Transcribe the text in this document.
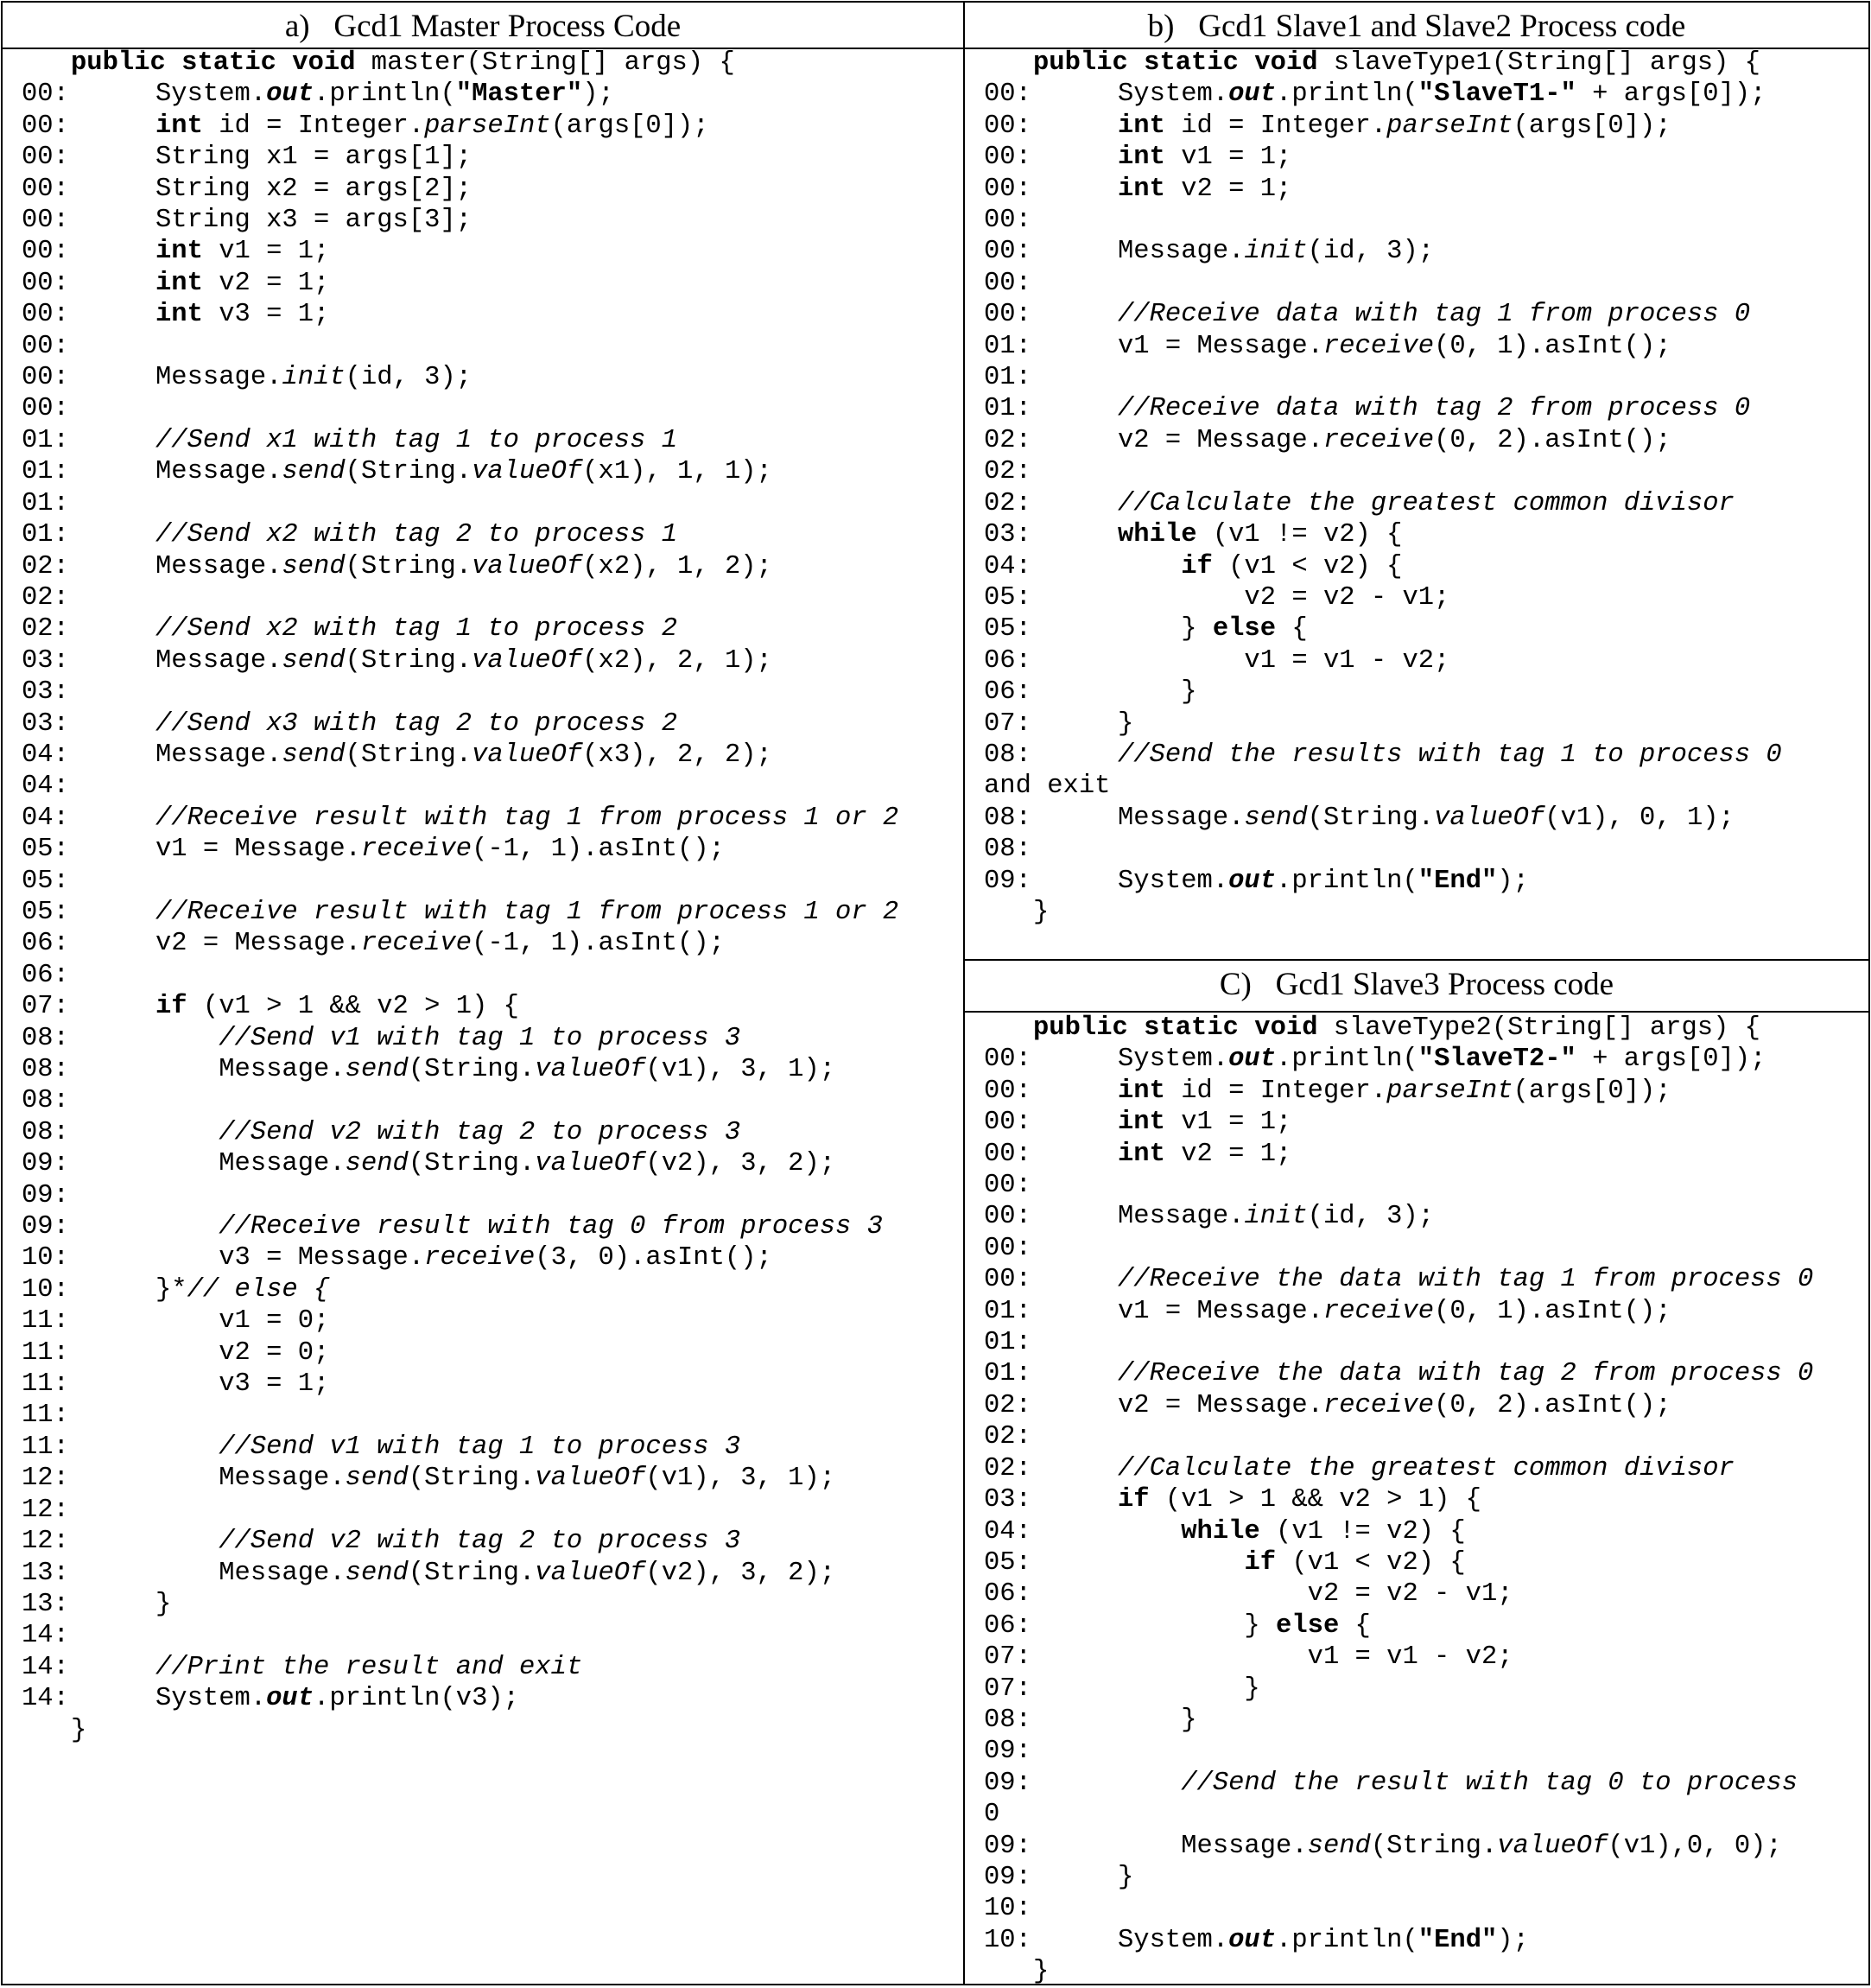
a)   Gcd1 Master Process Code	b)   Gcd1 Slave1 and Slave2 Process code
C)   Gcd1 Slave3 Process code
public static void master(String[] args) {
00:	System.out.println("Master");
00:	int id = Integer.parseInt(args[0]);
00:	String x1 = args[1];
00:	String x2 = args[2];
00:	String x3 = args[3];
00:	int v1 = 1;
00:	int v2 = 1;
00:	int v3 = 1;
00:
00:	Message.init(id, 3);
00:
01:	//Send x1 with tag 1 to process 1
01:	Message.send(String.valueOf(x1), 1, 1);
01:
01:	//Send x2 with tag 2 to process 1
02:	Message.send(String.valueOf(x2), 1, 2);
02:
02:	//Send x2 with tag 1 to process 2
03:	Message.send(String.valueOf(x2), 2, 1);
03:
03:	//Send x3 with tag 2 to process 2
04:	Message.send(String.valueOf(x3), 2, 2);
04:
04:	//Receive result with tag 1 from process 1 or 2
05:	v1 = Message.receive(-1, 1).asInt();
05:
05:	//Receive result with tag 1 from process 1 or 2
06:	v2 = Message.receive(-1, 1).asInt();
06:
07:	if (v1 > 1 && v2 > 1) {
08:	//Send v1 with tag 1 to process 3
08:	Message.send(String.valueOf(v1), 3, 1);
08:
08:	//Send v2 with tag 2 to process 3
09:	Message.send(String.valueOf(v2), 3, 2);
09:
09:	//Receive result with tag 0 from process 3
10:	v3 = Message.receive(3, 0).asInt();
10:	}*// else {
11:	v1 = 0;
11:	v2 = 0;
11:	v3 = 1;
11:
11:	//Send v1 with tag 1 to process 3
12:	Message.send(String.valueOf(v1), 3, 1);
12:
12:	//Send v2 with tag 2 to process 3
13:	Message.send(String.valueOf(v2), 3, 2);
13:	}
14:
14:	//Print the result and exit
14:	System.out.println(v3);
}
public static void slaveType1(String[] args) {
00:	System.out.println("SlaveT1-" + args[0]);
00:	int id = Integer.parseInt(args[0]);
00:	int v1 = 1;
00:	int v2 = 1;
00:
00:	Message.init(id, 3);
00:
00:	//Receive data with tag 1 from process 0
01:	v1 = Message.receive(0, 1).asInt();
01:
01:	//Receive data with tag 2 from process 0
02:	v2 = Message.receive(0, 2).asInt();
02:
02:	//Calculate the greatest common divisor
03:	while (v1 != v2) {
04:	if (v1 < v2) {
05:	v2 = v2 - v1;
05:	} else {
06:	v1 = v1 - v2;
06:	}
07:	}
08:	//Send the results with tag 1 to process 0
and exit
08:	Message.send(String.valueOf(v1), 0, 1);
08:
09:	System.out.println("End");
}
public static void slaveType2(String[] args) {
00:	System.out.println("SlaveT2-" + args[0]);
00:	int id = Integer.parseInt(args[0]);
00:	int v1 = 1;
00:	int v2 = 1;
00:
00:	Message.init(id, 3);
00:
00:	//Receive the data with tag 1 from process 0
01:	v1 = Message.receive(0, 1).asInt();
01:
01:	//Receive the data with tag 2 from process 0
02:	v2 = Message.receive(0, 2).asInt();
02:
02:	//Calculate the greatest common divisor
03:	if (v1 > 1 && v2 > 1) {
04:	while (v1 != v2) {
05:	if (v1 < v2) {
06:	v2 = v2 - v1;
06:	} else {
07:	v1 = v1 - v2;
07:	}
08:	}
09:
09:	//Send the result with tag 0 to process
0
09:	Message.send(String.valueOf(v1),0, 0);
09:	}
10:
10:	System.out.println("End");
}
